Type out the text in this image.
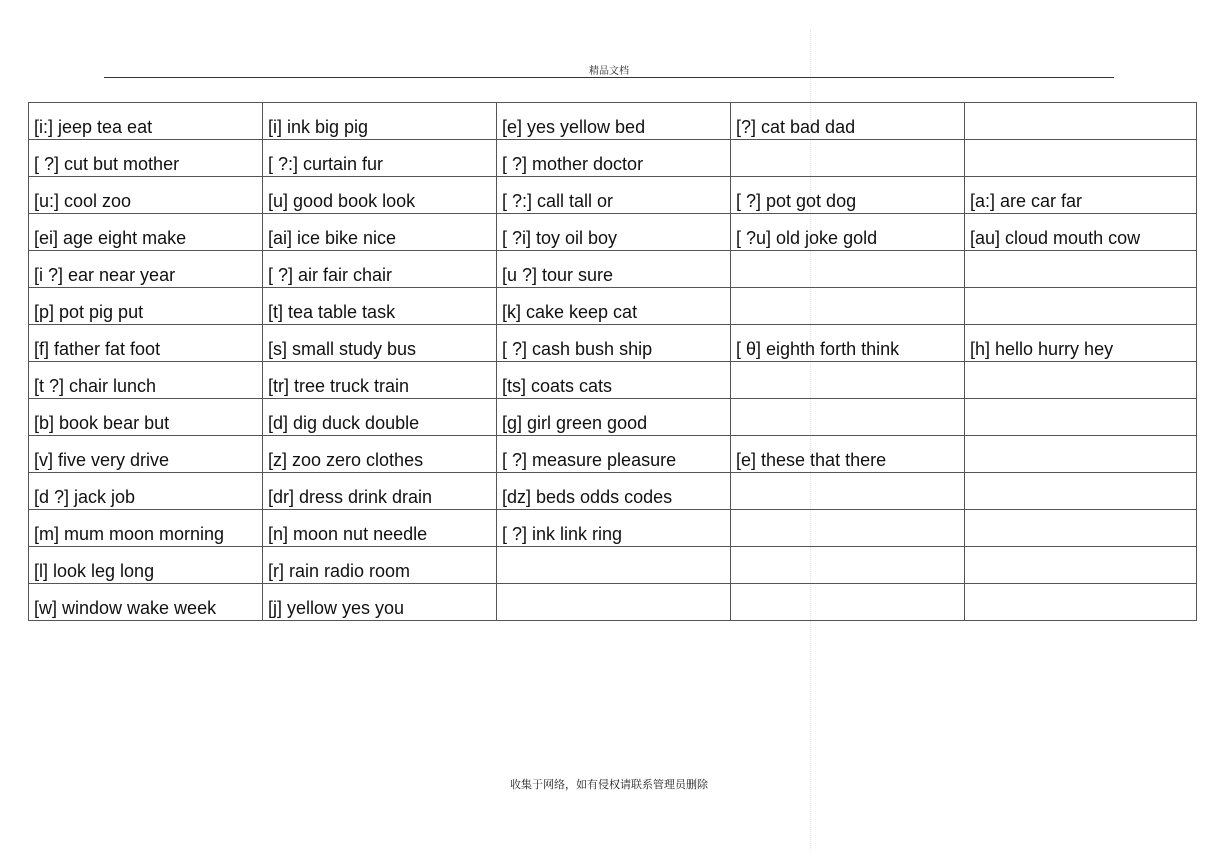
精品文档
[i:] jeep tea eat	[i] ink big pig	[e] yes yellow bed	[?] cat bad dad	
[ ?] cut but mother	[ ?:] curtain fur	[ ?] mother doctor		
[u:] cool zoo	[u] good book look	[ ?:] call tall or	[ ?] pot got dog	[a:] are car far
[ei] age eight make	[ai] ice bike nice	[ ?i] toy oil boy	[ ?u] old joke gold	[au] cloud mouth cow
[i ?] ear near year	[ ?] air fair chair	[u ?] tour sure		
[p] pot pig put	[t] tea table task	[k] cake keep cat		
[f] father fat foot	[s] small study bus	[ ?] cash bush ship	[ θ] eighth forth think	[h] hello hurry hey
[t ?] chair lunch	[tr] tree truck train	[ts] coats cats		
[b] book bear but	[d] dig duck double	[g] girl green good		
[v] five very drive	[z] zoo zero clothes	[ ?] measure pleasure	[e] these that there	
[d ?] jack job	[dr] dress drink drain	[dz] beds odds codes		
[m] mum moon morning	[n] moon nut needle	[ ?] ink link ring		
[l] look leg long	[r] rain radio room			
[w] window wake week	[j] yellow yes you			
收集于网络，如有侵权请联系管理员删除
